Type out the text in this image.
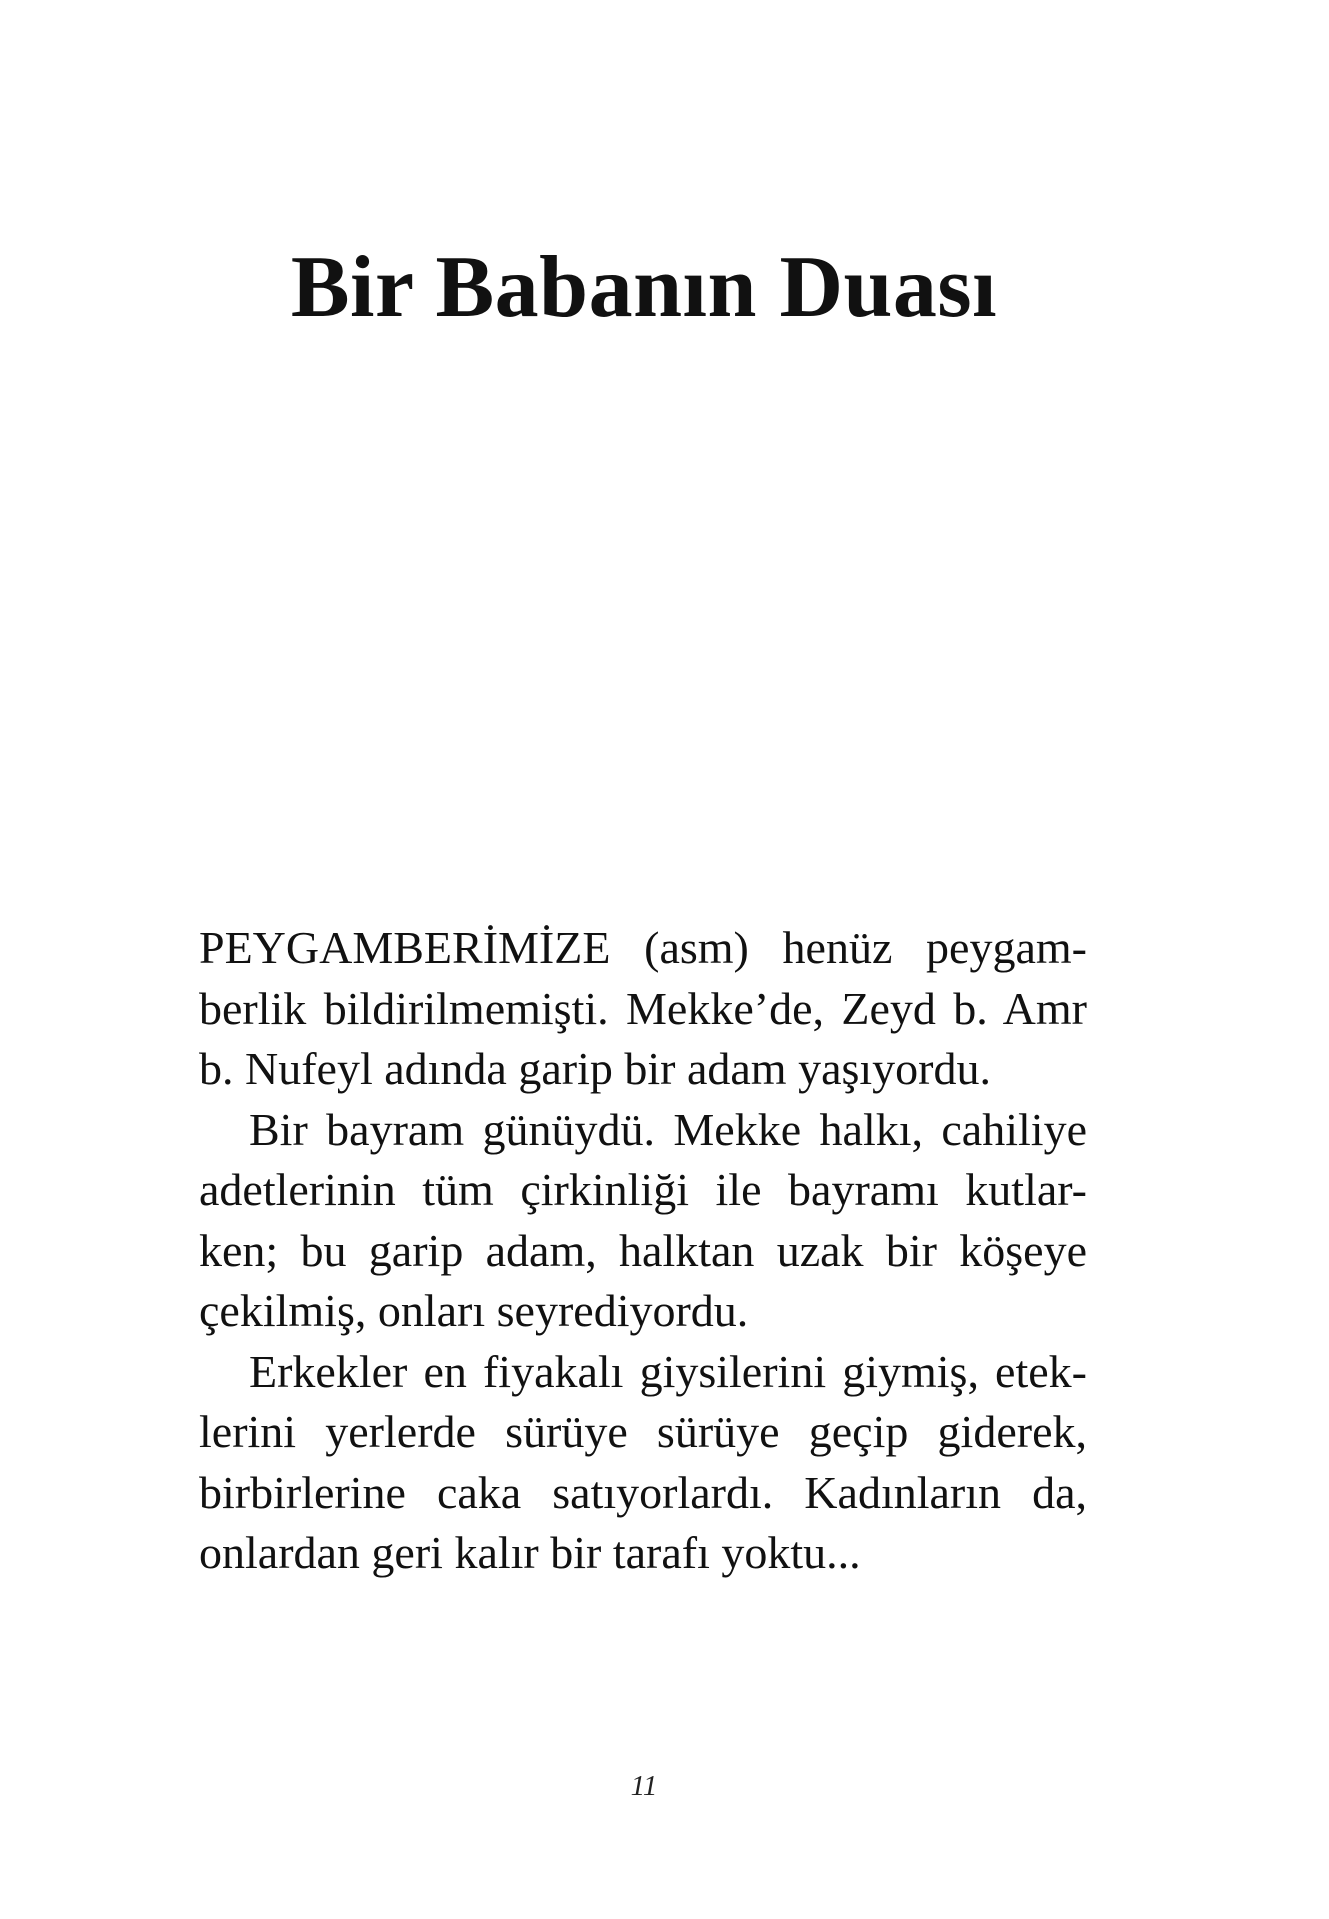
Bir Babanın Duası

PEYGAMBERİMİZE (asm) henüz peygam-
berlik bildirilmemişti. Mekke’de, Zeyd b. Amr
b. Nufeyl adında garip bir adam yaşıyordu.

Bir bayram günüydü. Mekke halkı, cahiliye
adetlerinin tüm çirkinliği ile bayramı kutlar-
ken; bu garip adam, halktan uzak bir köşeye
çekilmiş, onları seyrediyordu.

Erkekler en fiyakalı giysilerini giymiş, etek-
lerini yerlerde sürüye sürüye geçip giderek,
birbirlerine caka satıyorlardı. Kadınların da,
onlardan geri kalır bir tarafı yoktu...

11
